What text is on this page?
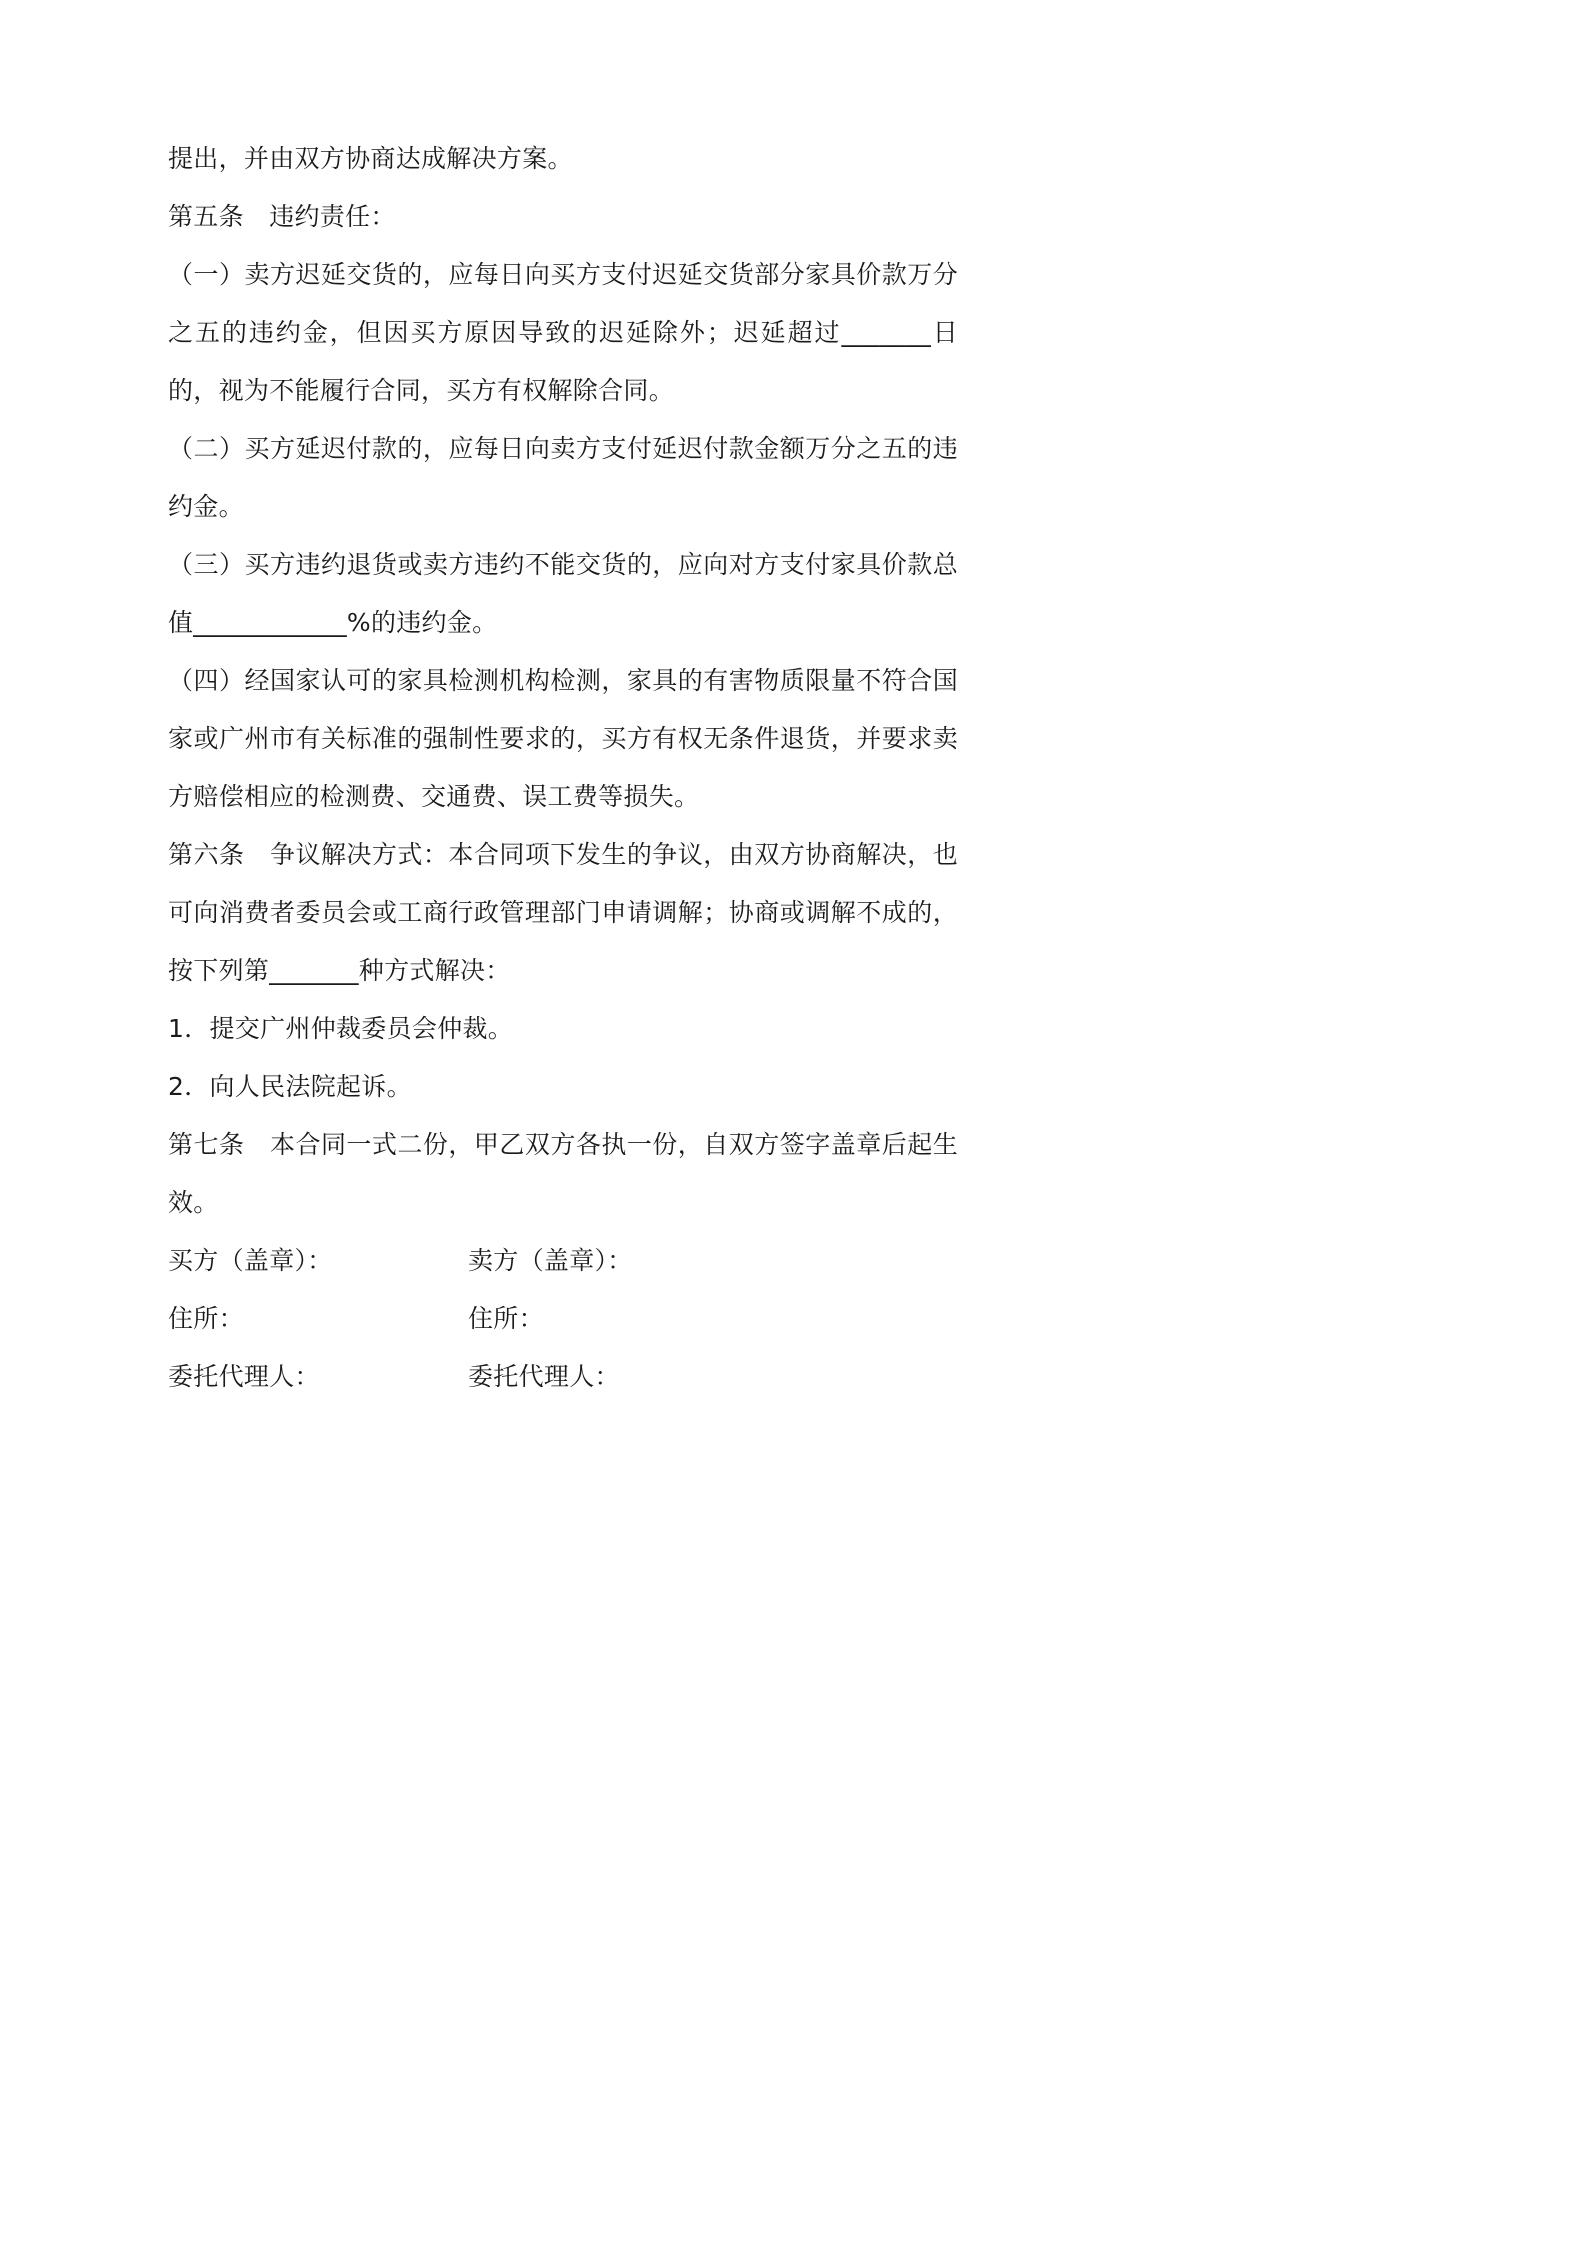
提出，并由双方协商达成解决方案。

第五条　违约责任：

（一）卖方迟延交货的，应每日向买方支付迟延交货部分家具价款万分之五的违约金，但因买方原因导致的迟延除外；迟延超过_______日的，视为不能履行合同，买方有权解除合同。

（二）买方延迟付款的，应每日向卖方支付延迟付款金额万分之五的违约金。

（三）买方违约退货或卖方违约不能交货的，应向对方支付家具价款总值____________%的违约金。

（四）经国家认可的家具检测机构检测，家具的有害物质限量不符合国家或广州市有关标准的强制性要求的，买方有权无条件退货，并要求卖方赔偿相应的检测费、交通费、误工费等损失。

第六条　争议解决方式：本合同项下发生的争议，由双方协商解决，也可向消费者委员会或工商行政管理部门申请调解；协商或调解不成的，按下列第_______种方式解决：

1．提交广州仲裁委员会仲裁。

2．向人民法院起诉。

第七条　本合同一式二份，甲乙双方各执一份，自双方签字盖章后起生效。

买方（盖章）：	卖方（盖章）：
住所：	住所：
委托代理人：	委托代理人：
